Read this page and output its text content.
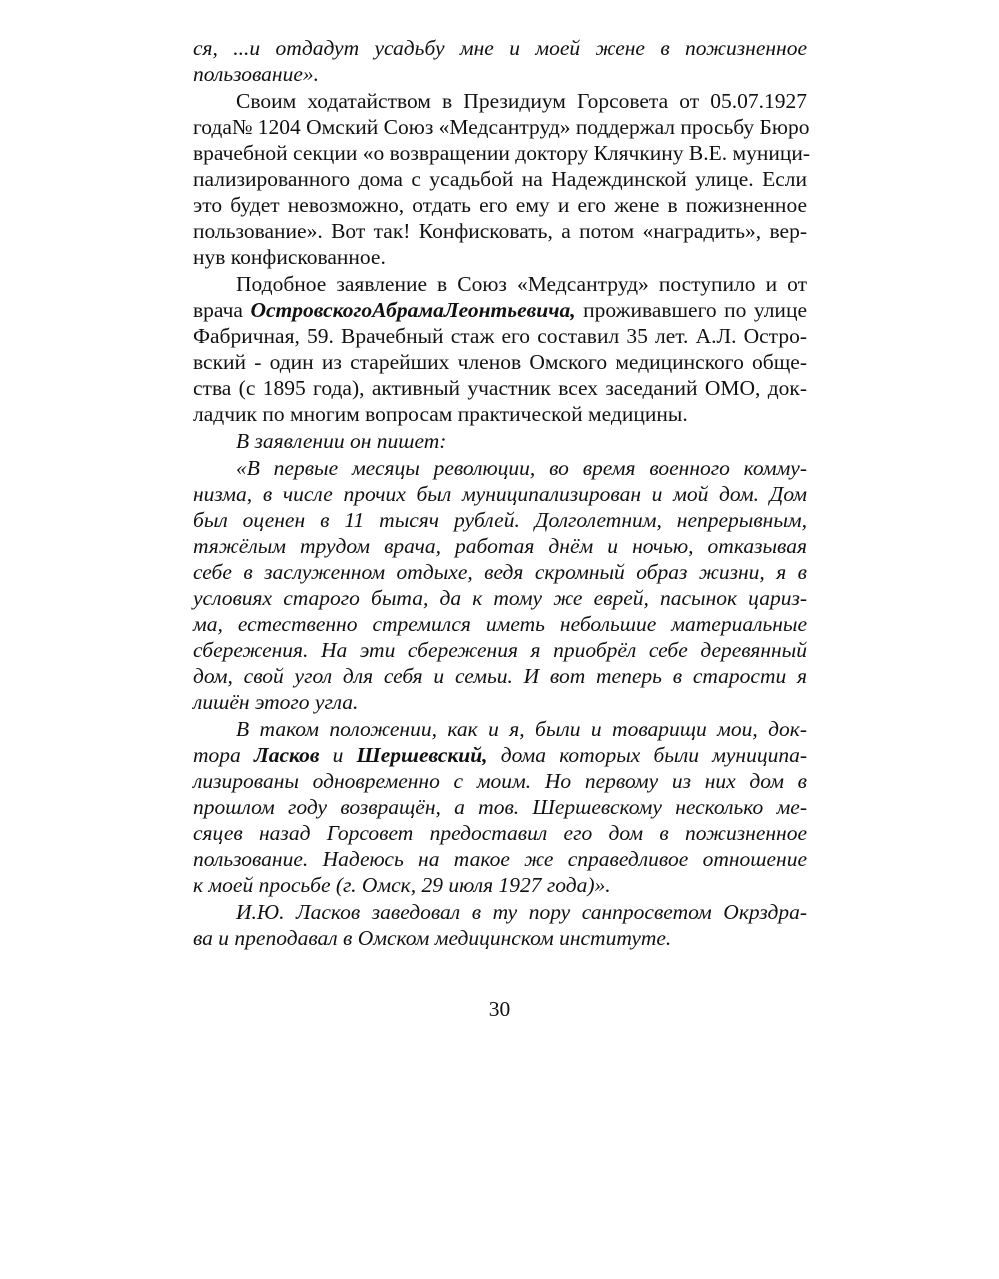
ся, ...и отдадут усадьбу мне и моей жене в пожизненное
пользование».
Своим ходатайством в Президиум Горсовета от 05.07.1927
года№ 1204 Омский Союз «Медсантруд» поддержал просьбу Бюро
врачебной секции «о возвращении доктору Клячкину В.Е. муници-
пализированного дома с усадьбой на Надеждинской улице. Если
это будет невозможно, отдать его ему и его жене в пожизненное
пользование». Вот так! Конфисковать, а потом «наградить», вер-
нув конфискованное.
Подобное заявление в Союз «Медсантруд» поступило и от
врача ОстровскогоАбрамаЛеонтьевича, проживавшего по улице
Фабричная, 59. Врачебный стаж его составил 35 лет. А.Л. Остро-
вский - один из старейших членов Омского медицинского обще-
ства (с 1895 года), активный участник всех заседаний ОМО, док-
ладчик по многим вопросам практической медицины.
В заявлении он пишет:
«В первые месяцы революции, во время военного комму-
низма, в числе прочих был муниципализирован и мой дом. Дом
был оценен в 11 тысяч рублей. Долголетним, непрерывным,
тяжёлым трудом врача, работая днём и ночью, отказывая
себе в заслуженном отдыхе, ведя скромный образ жизни, я в
условиях старого быта, да к тому же еврей, пасынок цариз-
ма, естественно стремился иметь небольшие материальные
сбережения. На эти сбережения я приобрёл себе деревянный
дом, свой угол для себя и семьи. И вот теперь в старости я
лишён этого угла.
В таком положении, как и я, были и товарищи мои, док-
тора Ласков и Шершевский, дома которых были муниципа-
лизированы одновременно с моим. Но первому из них дом в
прошлом году возвращён, а тов. Шершевскому несколько ме-
сяцев назад Горсовет предоставил его дом в пожизненное
пользование. Надеюсь на такое же справедливое отношение
к моей просьбе (г. Омск, 29 июля 1927 года)».
И.Ю. Ласков заведовал в ту пору санпросветом Окрздра-
ва и преподавал в Омском медицинском институте.
30
